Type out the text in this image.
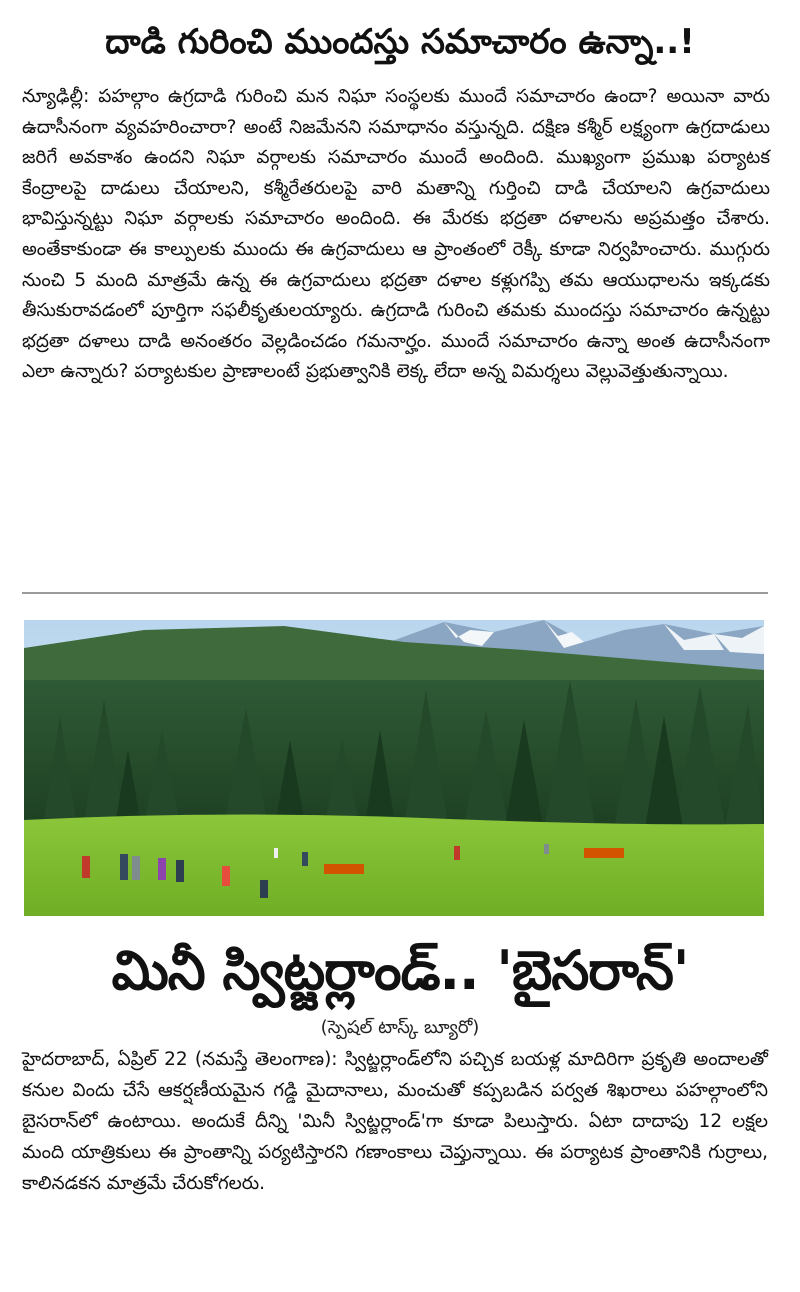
దాడి గురించి ముందస్తు సమాచారం ఉన్నా..!
న్యూఢిల్లీ: పహల్గాం ఉగ్రదాడి గురించి మన నిఘా సంస్థలకు ముందే సమాచారం ఉందా? అయినా వారు ఉదాసీనంగా వ్యవహరించారా? అంటే నిజమేనని సమాధానం వస్తున్నది. దక్షిణ కశ్మీర్ లక్ష్యంగా ఉగ్రదాడులు జరిగే అవకాశం ఉందని నిఘా వర్గాలకు సమాచారం ముందే అందింది. ముఖ్యంగా ప్రముఖ పర్యాటక కేంద్రాలపై దాడులు చేయాలని, కశ్మీరేతరులపై వారి మతాన్ని గుర్తించి దాడి చేయాలని ఉగ్రవాదులు భావిస్తున్నట్టు నిఘా వర్గాలకు సమాచారం అందింది. ఈ మేరకు భద్రతా దళాలను అప్రమత్తం చేశారు. అంతేకాకుండా ఈ కాల్పులకు ముందు ఈ ఉగ్రవాదులు ఆ ప్రాంతంలో రెక్కీ కూడా నిర్వహించారు. ముగ్గురు నుంచి 5 మంది మాత్రమే ఉన్న ఈ ఉగ్రవాదులు భద్రతా దళాల కళ్లుగప్పి తమ ఆయుధాలను ఇక్కడకు తీసుకురావడంలో పూర్తిగా సఫలీకృతులయ్యారు. ఉగ్రదాడి గురించి తమకు ముందస్తు సమాచారం ఉన్నట్టు భద్రతా దళాలు దాడి అనంతరం వెల్లడించడం గమనార్హం. ముందే సమాచారం ఉన్నా అంత ఉదాసీనంగా ఎలా ఉన్నారు? పర్యాటకుల ప్రాణాలంటే ప్రభుత్వానికి లెక్క లేదా అన్న విమర్శలు వెల్లువెత్తుతున్నాయి.
మినీ స్విట్జర్లాండ్.. 'బైసరాన్'
(స్పెషల్ టాస్క్ బ్యూరో)
హైదరాబాద్, ఏప్రిల్ 22 (నమస్తే తెలంగాణ): స్విట్జర్లాండ్‌లోని పచ్చిక బయళ్ల మాదిరిగా ప్రకృతి అందాలతో కనుల విందు చేసే ఆకర్షణీయమైన గడ్డి మైదానాలు, మంచుతో కప్పబడిన పర్వత శిఖరాలు పహల్గాంలోని బైసరాన్‌లో ఉంటాయి. అందుకే దీన్ని 'మినీ స్విట్జర్లాండ్'గా కూడా పిలుస్తారు. ఏటా దాదాపు 12 లక్షల మంది యాత్రికులు ఈ ప్రాంతాన్ని పర్యటిస్తారని గణాంకాలు చెప్తున్నాయి. ఈ పర్యాటక ప్రాంతానికి గుర్రాలు, కాలినడకన మాత్రమే చేరుకోగలరు.
